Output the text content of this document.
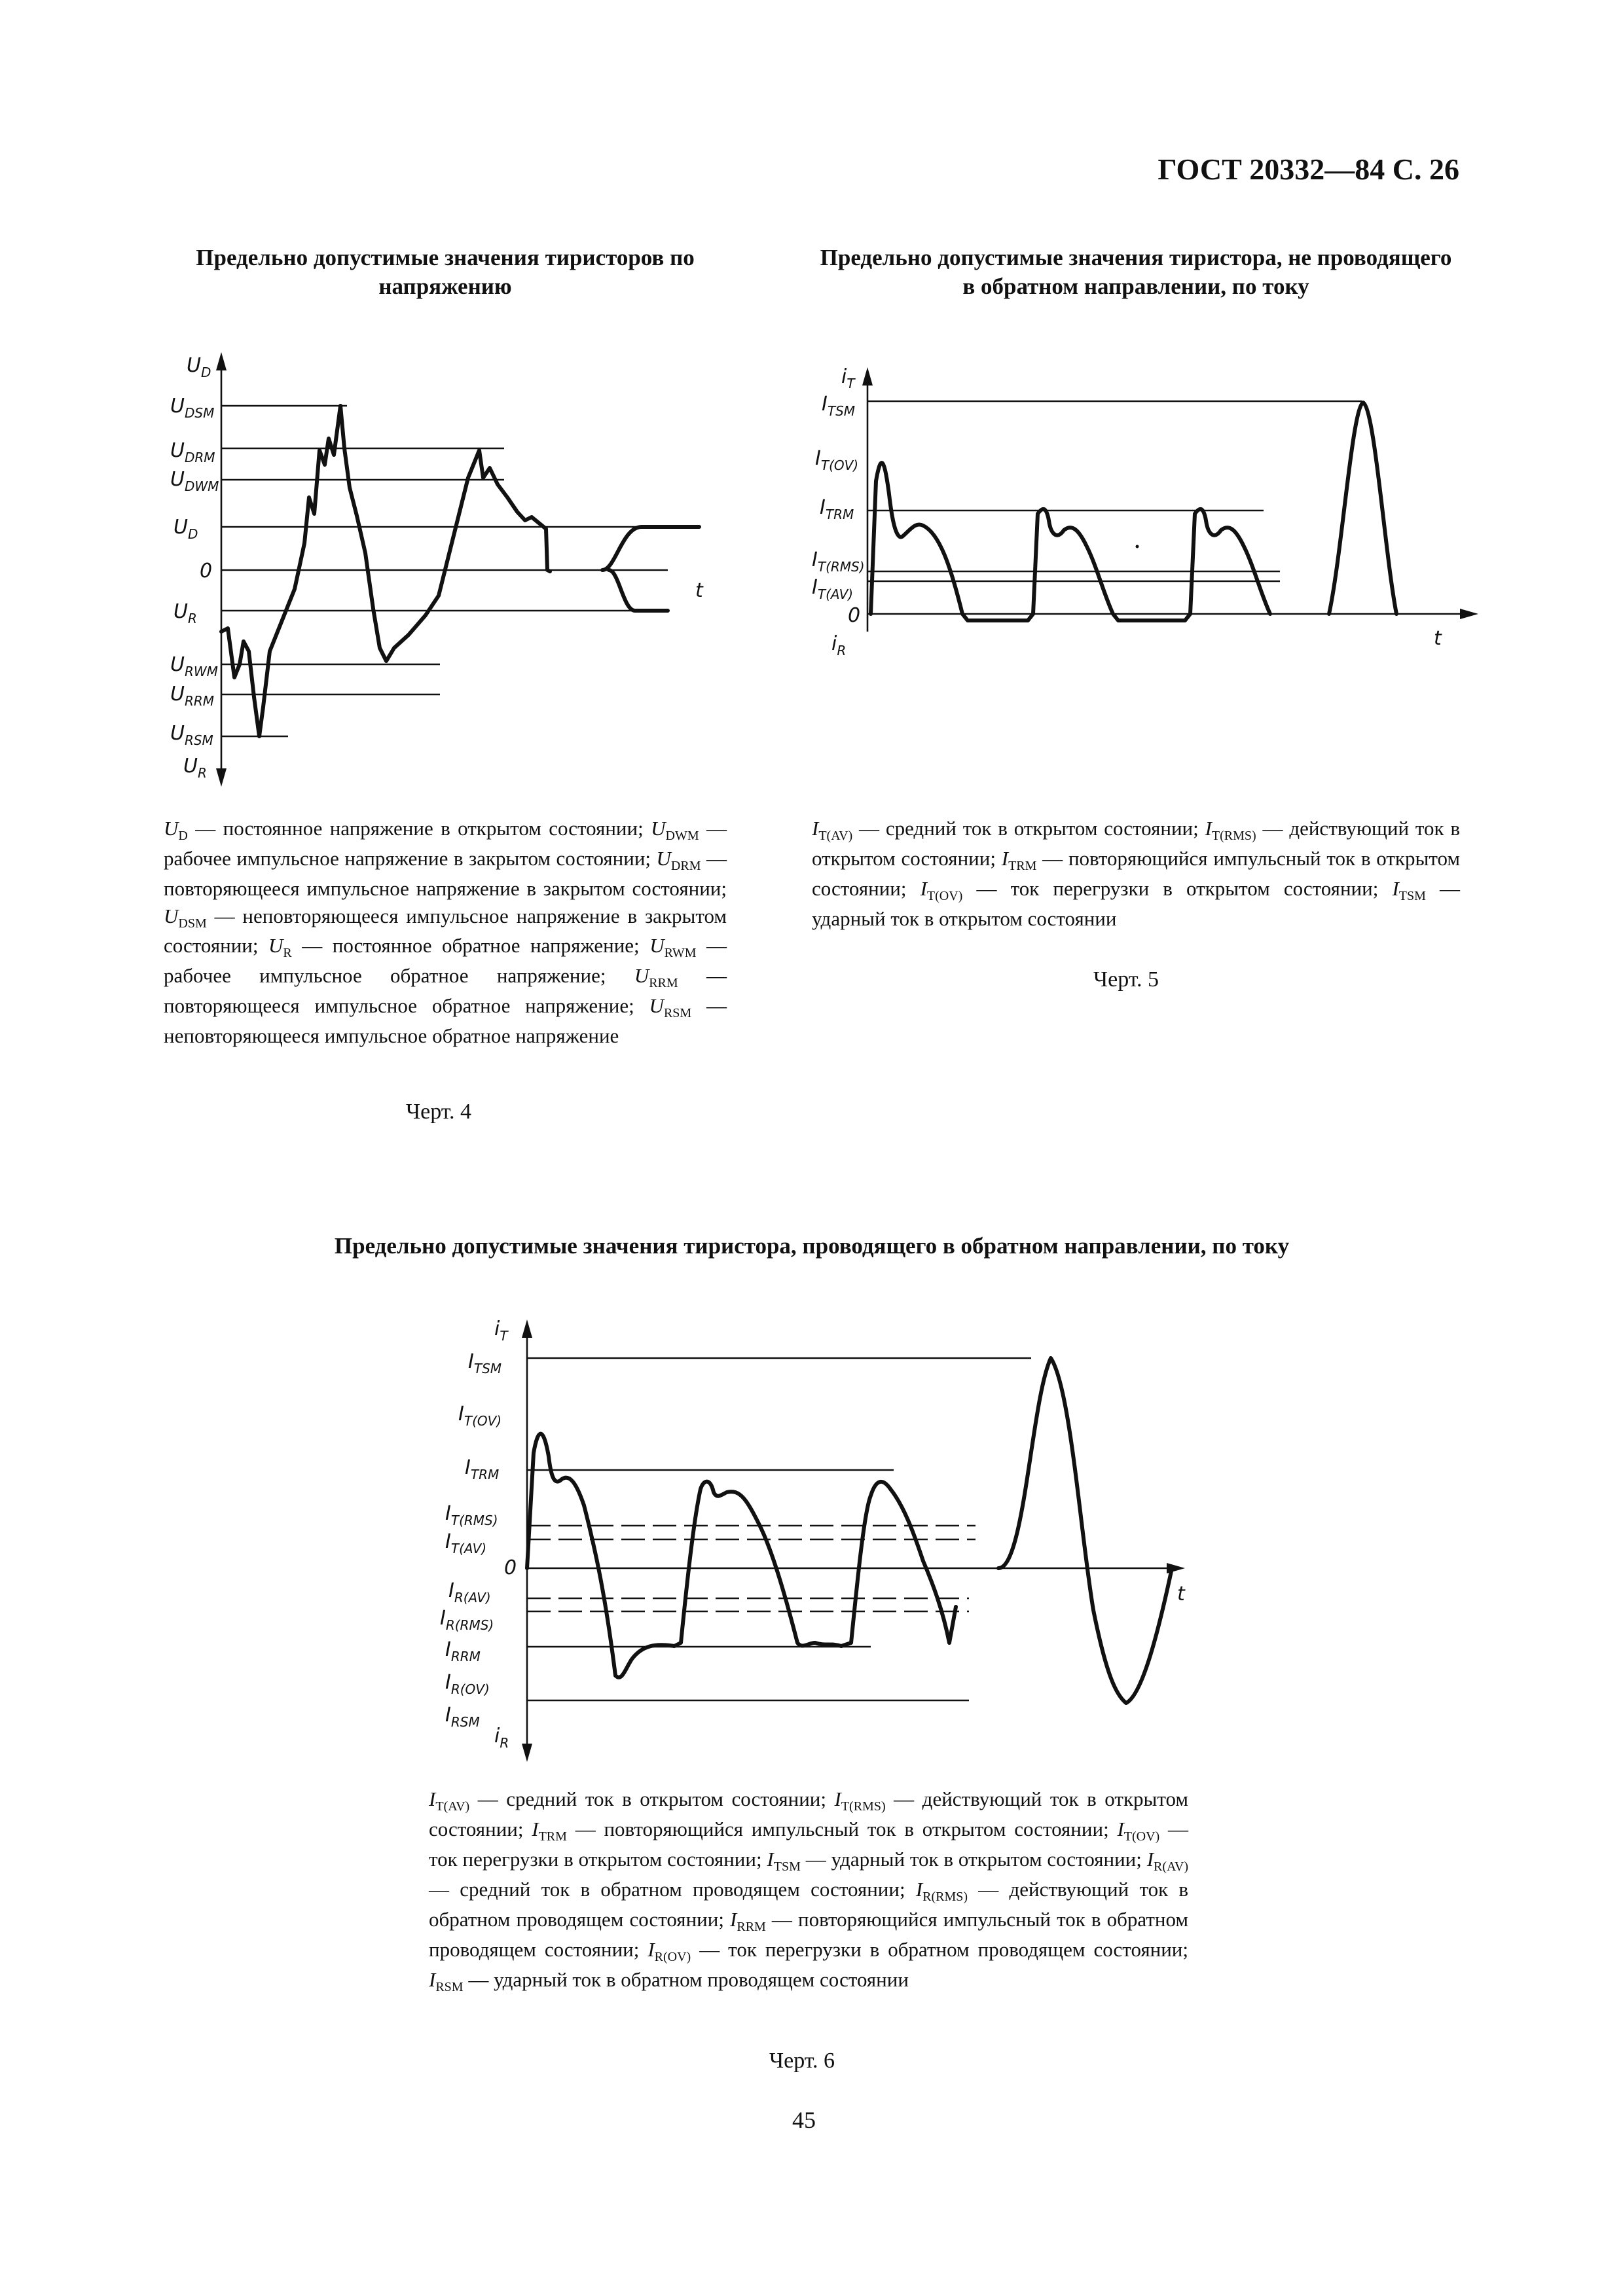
ГОСТ 20332—84 С. 26
Предельно допустимые значения тиристоров по напряжению
$U_D$
$U_{DSM}$
$U_{DRM}$
$U_{DWM}$
$U_D$
0
$U_R$
$U_{RWM}$
$U_{RRM}$
$U_{RSM}$
$U_R$
t
$U_D$ — постоянное напряжение в открытом состоянии; $U_{DWM}$ — рабочее импульсное напряжение в закрытом состоянии; $U_{DRM}$ — повторяющееся импульсное напряжение в закрытом состоянии; $U_{DSM}$ — неповторяющееся импульсное напряжение в закрытом состоянии; $U_R$ — постоянное обратное напряжение; $U_{RWM}$ — рабочее импульсное обратное напряжение; $U_{RRM}$ — повторяющееся импульсное обратное напряжение; $U_{RSM}$ — неповторяющееся импульсное обратное напряжение
Черт. 4
Предельно допустимые значения тиристора, не проводящего в обратном направлении, по току
$i_T$
$I_{TSM}$
$I_{T(OV)}$
$I_{TRM}$
$I_{T(RMS)}$
$I_{T(AV)}$
0
$i_R$
t
$I_{T(AV)}$ — средний ток в открытом состоянии; $I_{T(RMS)}$ — действующий ток в открытом состоянии; $I_{TRM}$ — повторяющийся импульсный ток в открытом состоянии; $I_{T(OV)}$ — ток перегрузки в открытом состоянии; $I_{TSM}$ — ударный ток в открытом состоянии
Черт. 5
Предельно допустимые значения тиристора, проводящего в обратном направлении, по току
$i_T$
$I_{TSM}$
$I_{T(OV)}$
$I_{TRM}$
$I_{T(RMS)}$
$I_{T(AV)}$
0
$I_{R(AV)}$
$I_{R(RMS)}$
$I_{RRM}$
$I_{R(OV)}$
$I_{RSM}$
$i_R$
t
$I_{T(AV)}$ — средний ток в открытом состоянии; $I_{T(RMS)}$ — действующий ток в открытом состоянии; $I_{TRM}$ — повторяющийся импульсный ток в открытом состоянии; $I_{T(OV)}$ — ток перегрузки в открытом состоянии; $I_{TSM}$ — ударный ток в открытом состоянии; $I_{R(AV)}$ — средний ток в обратном проводящем состоянии; $I_{R(RMS)}$ — действующий ток в обратном проводящем состоянии; $I_{RRM}$ — повторяющийся импульсный ток в обратном проводящем состоянии; $I_{R(OV)}$ — ток перегрузки в обратном проводящем состоянии; $I_{RSM}$ — ударный ток в обратном проводящем состоянии
Черт. 6
45
